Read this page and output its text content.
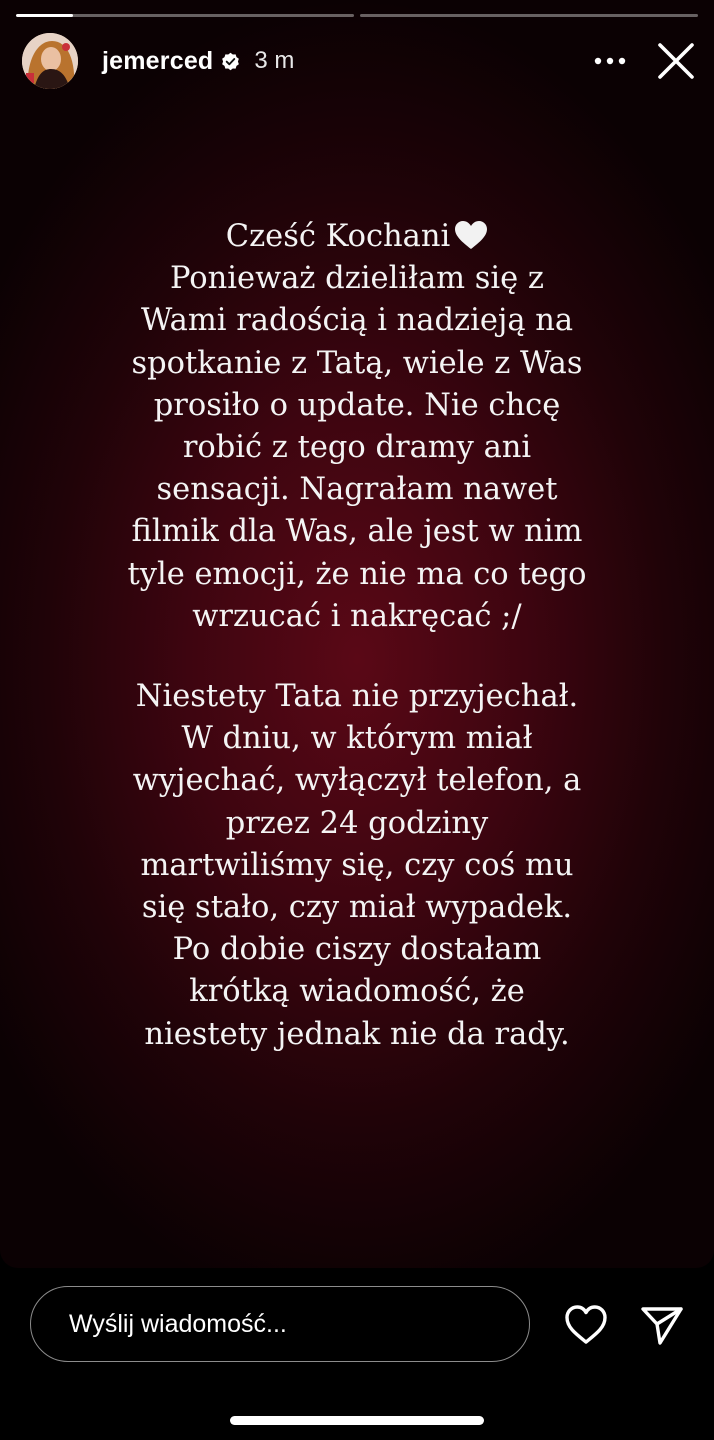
jemerced 3 m
Cześć Kochani
Ponieważ dzieliłam się z
Wami radością i nadzieją na
spotkanie z Tatą, wiele z Was
prosiło o update. Nie chcę
robić z tego dramy ani
sensacji. Nagrałam nawet
filmik dla Was, ale jest w nim
tyle emocji, że nie ma co tego
wrzucać i nakręcać ;/
Niestety Tata nie przyjechał.
W dniu, w którym miał
wyjechać, wyłączył telefon, a
przez 24 godziny
martwiliśmy się, czy coś mu
się stało, czy miał wypadek.
Po dobie ciszy dostałam
krótką wiadomość, że
niestety jednak nie da rady.
Wyślij wiadomość...
